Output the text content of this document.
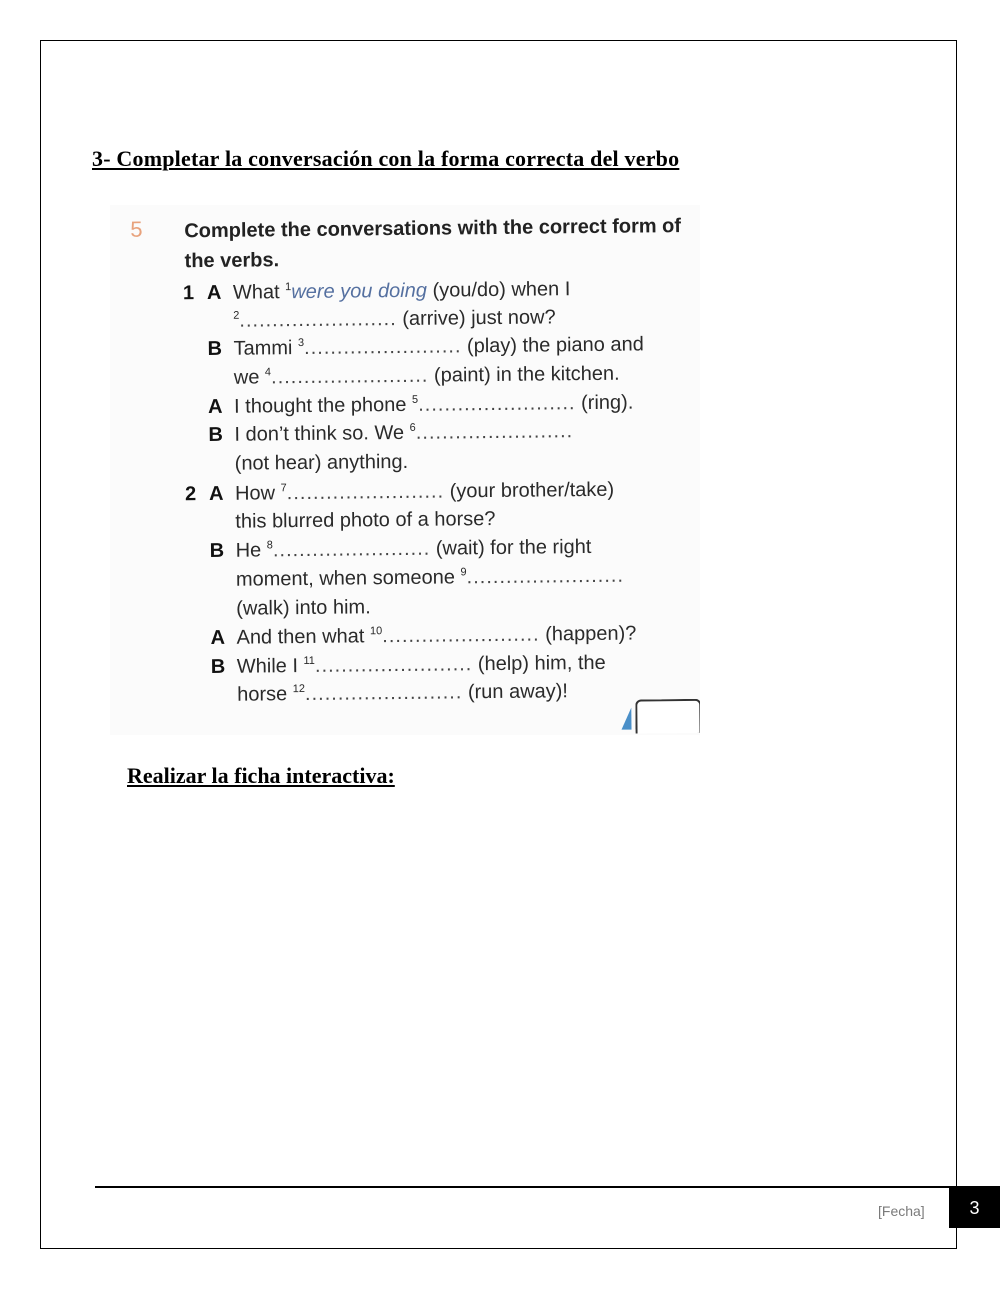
3- Completar la conversación con la forma correcta del verbo
5 Complete the conversations with the correct form of the verbs.
1 A What $^1$were you doing (you/do) when I
$^2$........................ (arrive) just now?
B Tammi $^3$........................ (play) the piano and
we $^4$........................ (paint) in the kitchen.
A I thought the phone $^5$........................ (ring).
B I don’t think so. We $^6$........................
(not hear) anything.
2 A How $^7$........................ (your brother/take)
this blurred photo of a horse?
B He $^8$........................ (wait) for the right
moment, when someone $^9$........................
(walk) into him.
A And then what $^{10}$........................ (happen)?
B While I $^{11}$........................ (help) him, the
horse $^{12}$........................ (run away)!
Realizar la ficha interactiva:
[Fecha]	3
